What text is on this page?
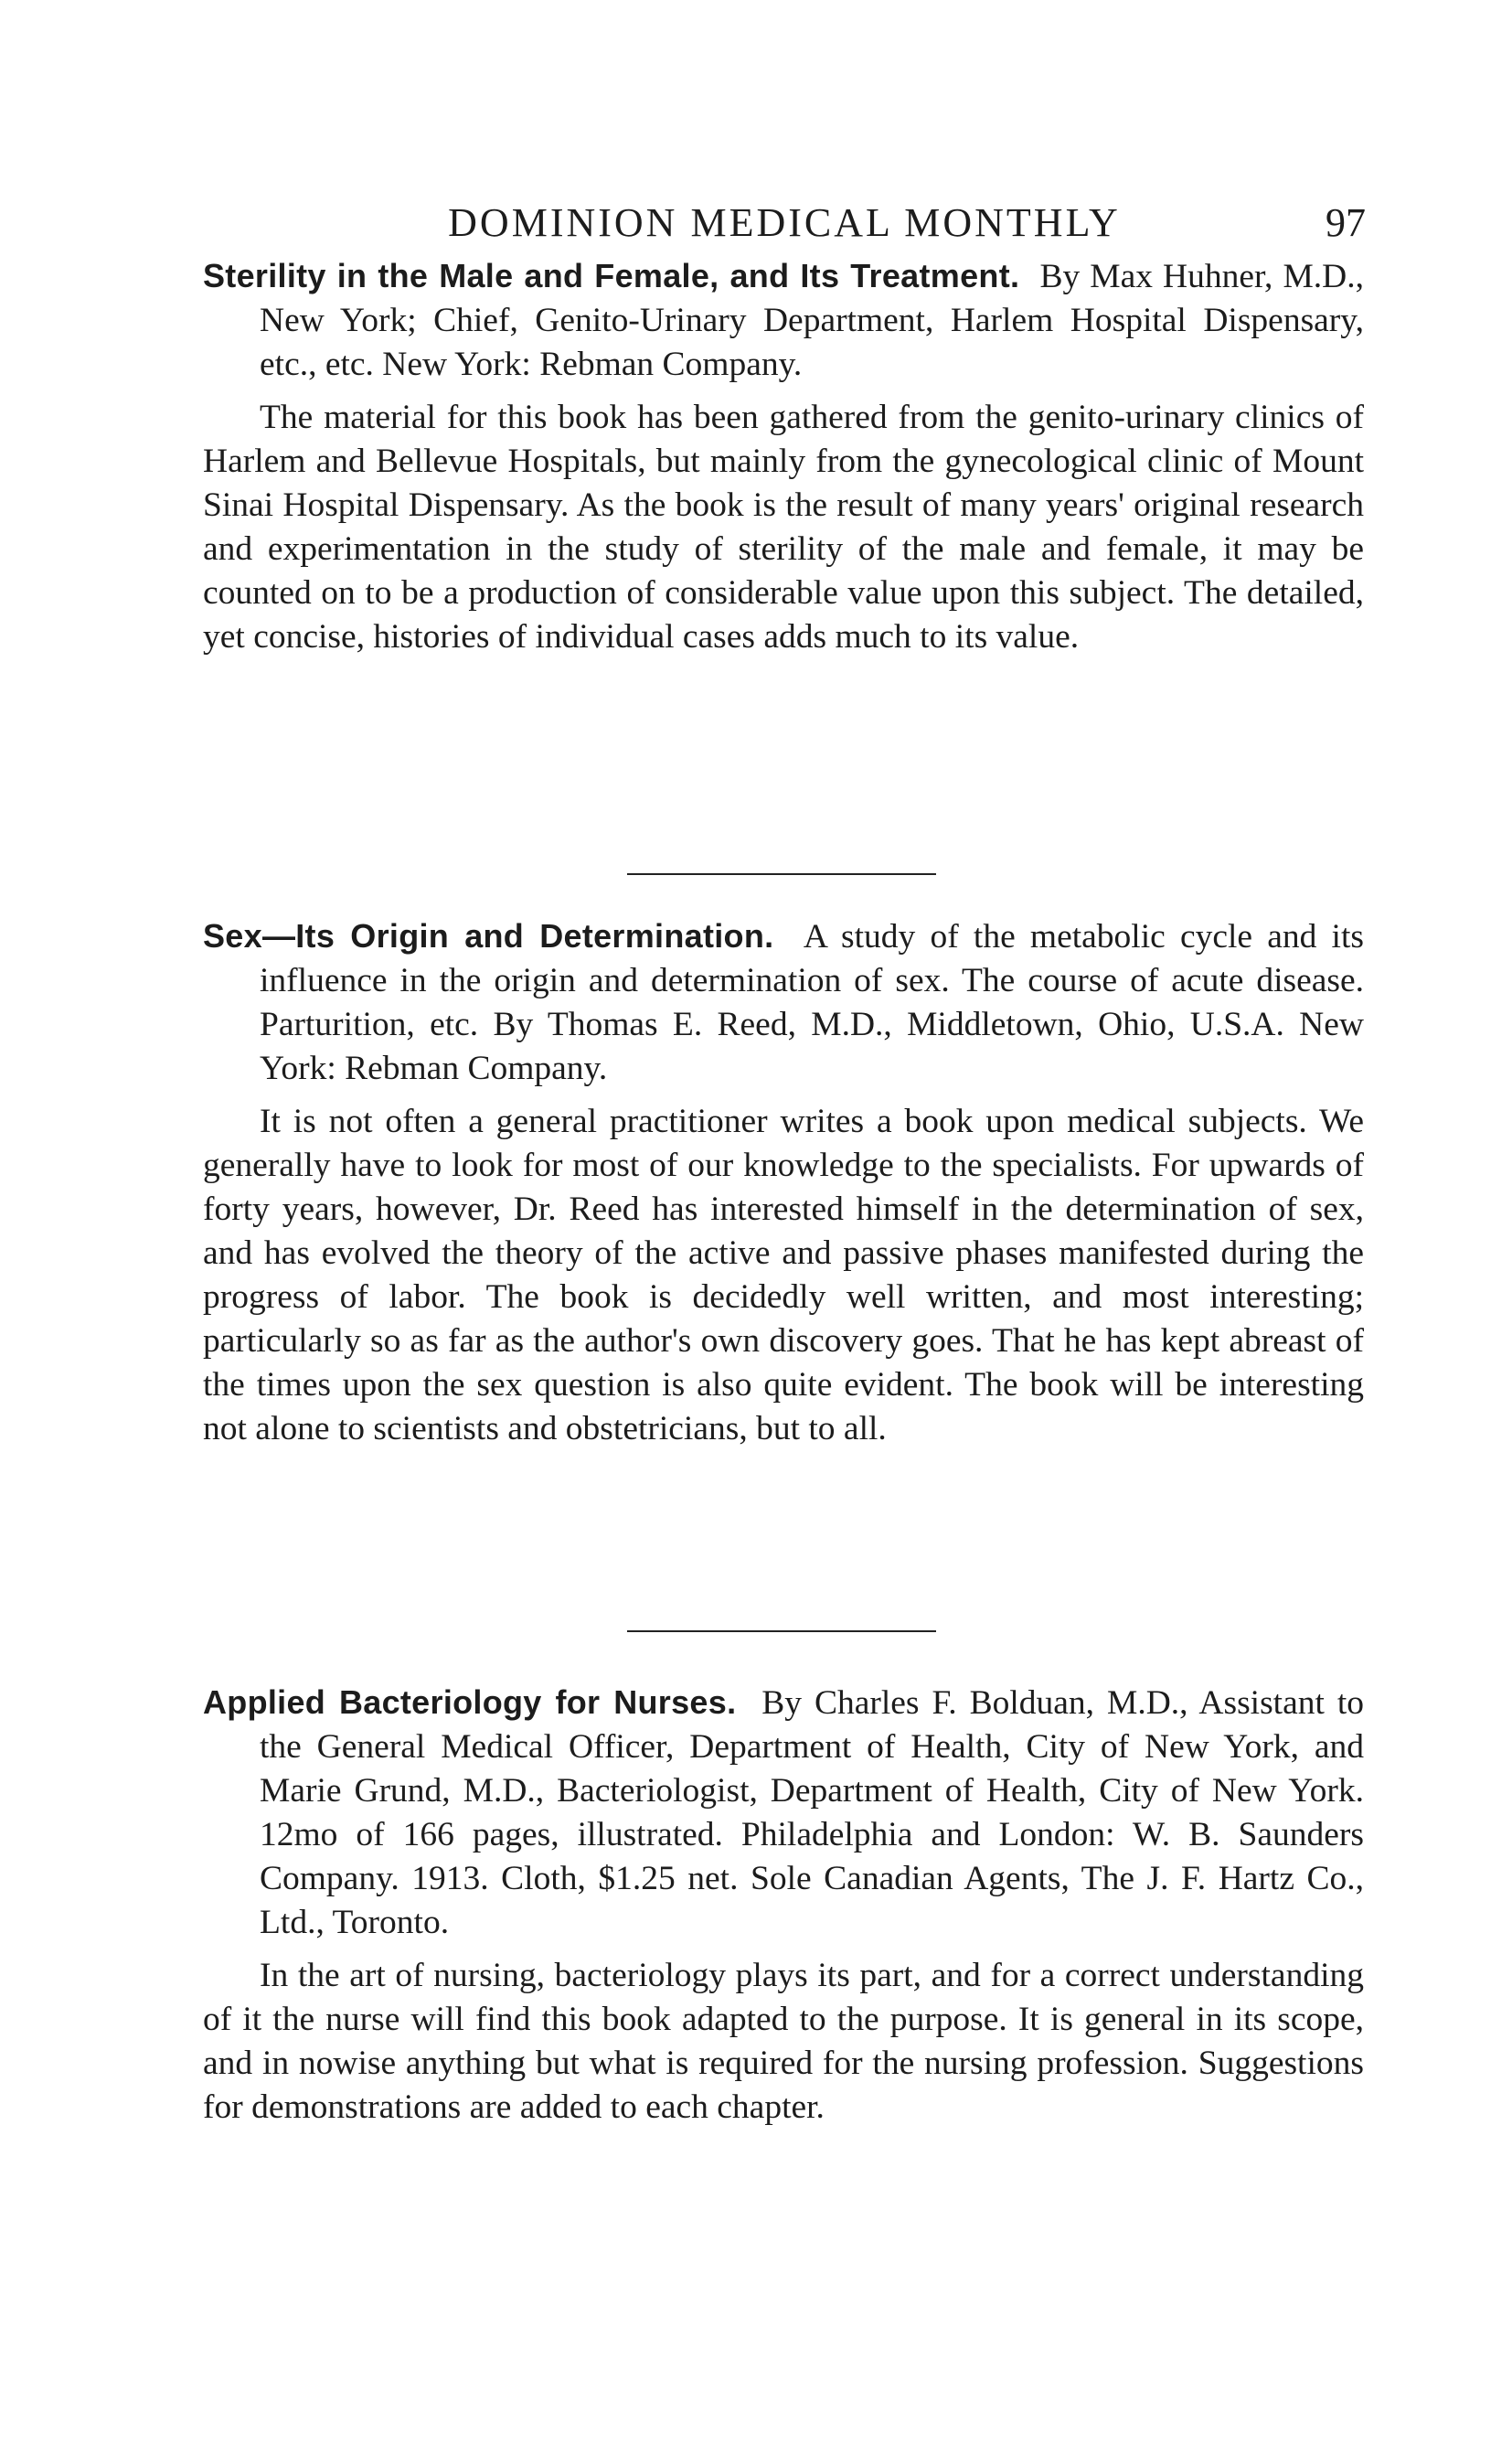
DOMINION MEDICAL MONTHLY	97

Sterility in the Male and Female, and Its Treatment. By Max Huhner, M.D., New York; Chief, Genito-Urinary Department, Harlem Hospital Dispensary, etc., etc. New York: Rebman Company.

The material for this book has been gathered from the genito-urinary clinics of Harlem and Bellevue Hospitals, but mainly from the gynecological clinic of Mount Sinai Hospital Dispensary. As the book is the result of many years' original research and experimentation in the study of sterility of the male and female, it may be counted on to be a production of considerable value upon this subject. The detailed, yet concise, histories of individual cases adds much to its value.

Sex—Its Origin and Determination. A study of the metabolic cycle and its influence in the origin and determination of sex. The course of acute disease. Parturition, etc. By Thomas E. Reed, M.D., Middletown, Ohio, U.S.A. New York: Rebman Company.

It is not often a general practitioner writes a book upon medical subjects. We generally have to look for most of our knowledge to the specialists. For upwards of forty years, however, Dr. Reed has interested himself in the determination of sex, and has evolved the theory of the active and passive phases manifested during the progress of labor. The book is decidedly well written, and most interesting; particularly so as far as the author's own discovery goes. That he has kept abreast of the times upon the sex question is also quite evident. The book will be interesting not alone to scientists and obstetricians, but to all.

Applied Bacteriology for Nurses. By Charles F. Bolduan, M.D., Assistant to the General Medical Officer, Department of Health, City of New York, and Marie Grund, M.D., Bacteriologist, Department of Health, City of New York. 12mo of 166 pages, illustrated. Philadelphia and London: W. B. Saunders Company. 1913. Cloth, $1.25 net. Sole Canadian Agents, The J. F. Hartz Co., Ltd., Toronto.

In the art of nursing, bacteriology plays its part, and for a correct understanding of it the nurse will find this book adapted to the purpose. It is general in its scope, and in nowise anything but what is required for the nursing profession. Suggestions for demonstrations are added to each chapter.
